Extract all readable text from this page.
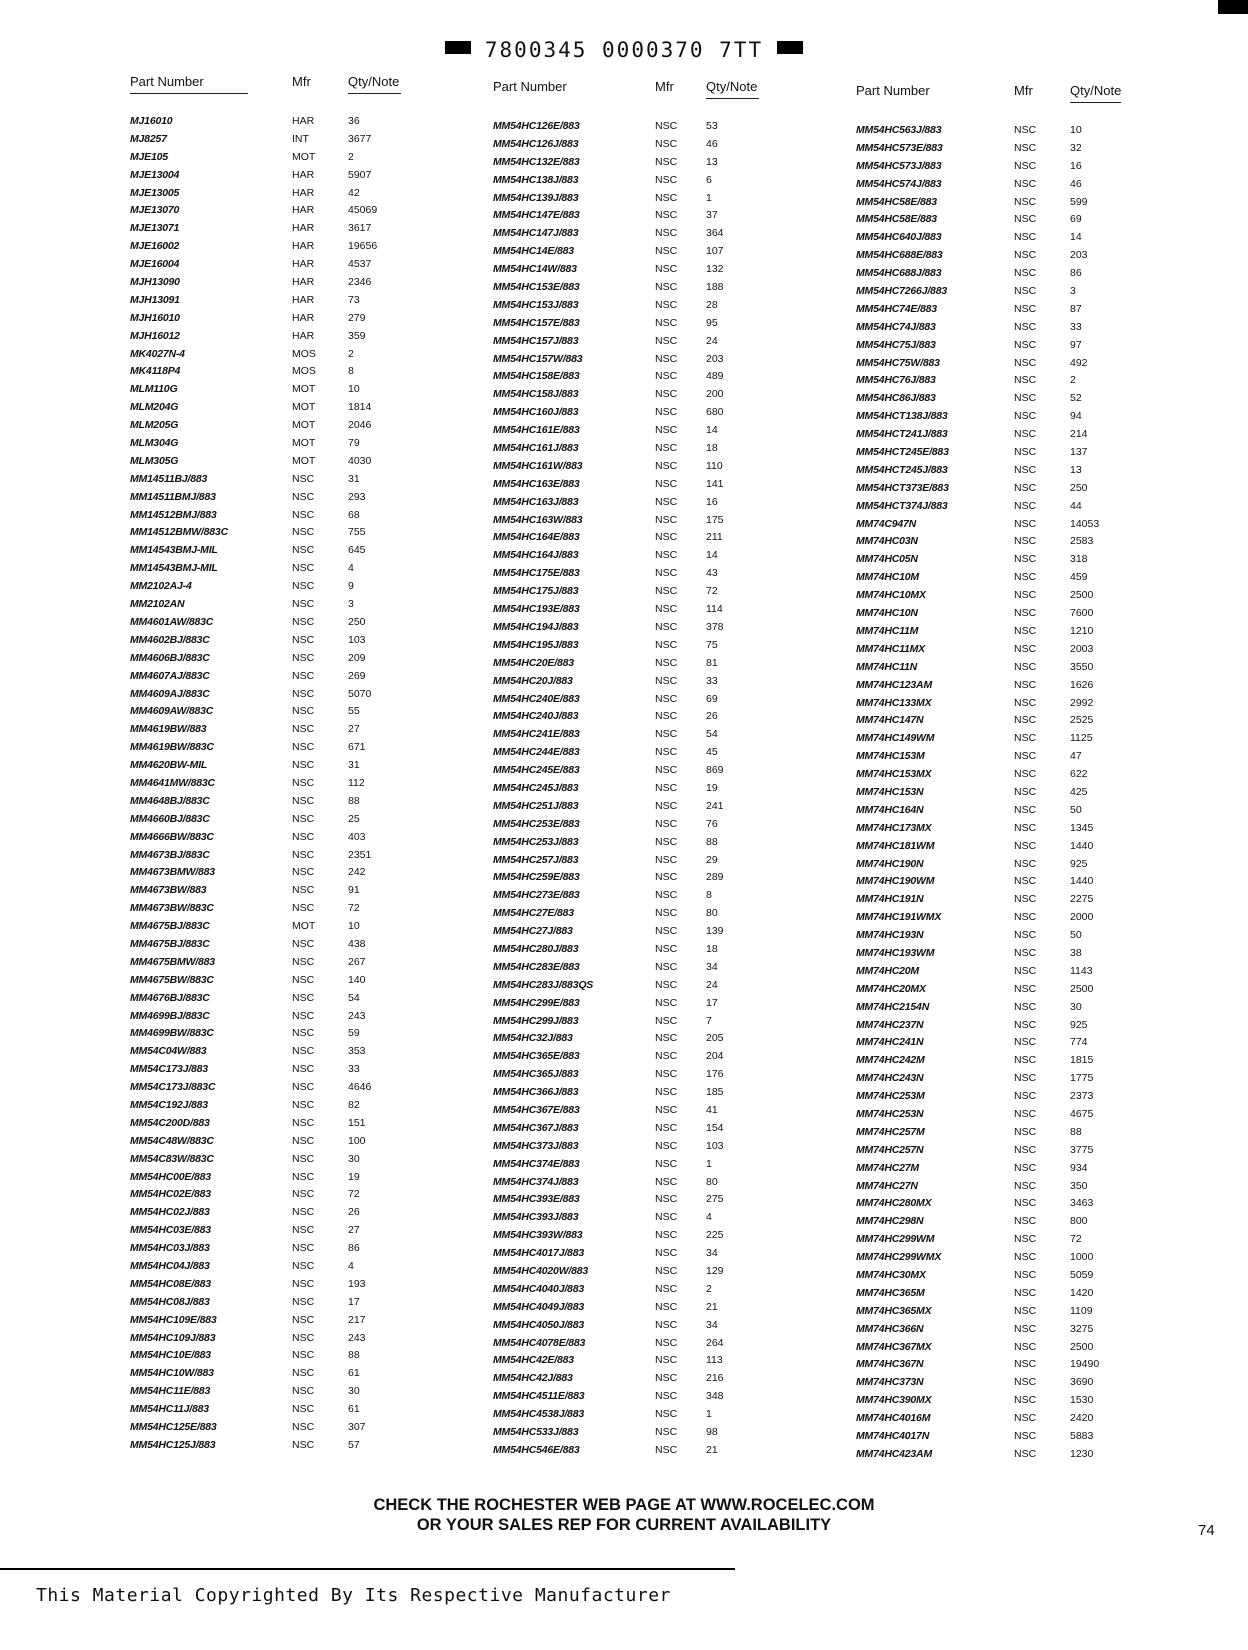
7800345 0000370 7TT
Part Number	Mfr	Qty/Note
MJ16010	HAR	36
MJ8257	INT	3677
MJE105	MOT	2
MJE13004	HAR	5907
MJE13005	HAR	42
MJE13070	HAR	45069
MJE13071	HAR	3617
MJE16002	HAR	19656
MJE16004	HAR	4537
MJH13090	HAR	2346
MJH13091	HAR	73
MJH16010	HAR	279
MJH16012	HAR	359
MK4027N-4	MOS	2
MK4118P4	MOS	8
MLM110G	MOT	10
MLM204G	MOT	1814
MLM205G	MOT	2046
MLM304G	MOT	79
MLM305G	MOT	4030
MM14511BJ/883	NSC	31
MM14511BMJ/883	NSC	293
MM14512BMJ/883	NSC	68
MM14512BMW/883C	NSC	755
MM14543BMJ-MIL	NSC	645
MM14543BMJ-MIL	NSC	4
MM2102AJ-4	NSC	9
MM2102AN	NSC	3
MM4601AW/883C	NSC	250
MM4602BJ/883C	NSC	103
MM4606BJ/883C	NSC	209
MM4607AJ/883C	NSC	269
MM4609AJ/883C	NSC	5070
MM4609AW/883C	NSC	55
MM4619BW/883	NSC	27
MM4619BW/883C	NSC	671
MM4620BW-MIL	NSC	31
MM4641MW/883C	NSC	112
MM4648BJ/883C	NSC	88
MM4660BJ/883C	NSC	25
MM4666BW/883C	NSC	403
MM4673BJ/883C	NSC	2351
MM4673BMW/883	NSC	242
MM4673BW/883	NSC	91
MM4673BW/883C	NSC	72
MM4675BJ/883C	MOT	10
MM4675BJ/883C	NSC	438
MM4675BMW/883	NSC	267
MM4675BW/883C	NSC	140
MM4676BJ/883C	NSC	54
MM4699BJ/883C	NSC	243
MM4699BW/883C	NSC	59
MM54C04W/883	NSC	353
MM54C173J/883	NSC	33
MM54C173J/883C	NSC	4646
MM54C192J/883	NSC	82
MM54C200D/883	NSC	151
MM54C48W/883C	NSC	100
MM54C83W/883C	NSC	30
MM54HC00E/883	NSC	19
MM54HC02E/883	NSC	72
MM54HC02J/883	NSC	26
MM54HC03E/883	NSC	27
MM54HC03J/883	NSC	86
MM54HC04J/883	NSC	4
MM54HC08E/883	NSC	193
MM54HC08J/883	NSC	17
MM54HC109E/883	NSC	217
MM54HC109J/883	NSC	243
MM54HC10E/883	NSC	88
MM54HC10W/883	NSC	61
MM54HC11E/883	NSC	30
MM54HC11J/883	NSC	61
MM54HC125E/883	NSC	307
MM54HC125J/883	NSC	57
Part Number	Mfr Qty/Note
MM54HC126E/883	NSC	53
MM54HC126J/883	NSC	46
MM54HC132E/883	NSC	13
MM54HC138J/883	NSC	6
MM54HC139J/883	NSC	1
MM54HC147E/883	NSC	37
MM54HC147J/883	NSC	364
MM54HC14E/883	NSC	107
MM54HC14W/883	NSC	132
MM54HC153E/883	NSC	188
MM54HC153J/883	NSC	28
MM54HC157E/883	NSC	95
MM54HC157J/883	NSC	24
MM54HC157W/883	NSC	203
MM54HC158E/883	NSC	489
MM54HC158J/883	NSC	200
MM54HC160J/883	NSC	680
MM54HC161E/883	NSC	14
MM54HC161J/883	NSC	18
MM54HC161W/883	NSC	110
MM54HC163E/883	NSC	141
MM54HC163J/883	NSC	16
MM54HC163W/883	NSC	175
MM54HC164E/883	NSC	211
MM54HC164J/883	NSC	14
MM54HC175E/883	NSC	43
MM54HC175J/883	NSC	72
MM54HC193E/883	NSC	114
MM54HC194J/883	NSC	378
MM54HC195J/883	NSC	75
MM54HC20E/883	NSC	81
MM54HC20J/883	NSC	33
MM54HC240E/883	NSC	69
MM54HC240J/883	NSC	26
MM54HC241E/883	NSC	54
MM54HC244E/883	NSC	45
MM54HC245E/883	NSC	869
MM54HC245J/883	NSC	19
MM54HC251J/883	NSC	241
MM54HC253E/883	NSC	76
MM54HC253J/883	NSC	88
MM54HC257J/883	NSC	29
MM54HC259E/883	NSC	289
MM54HC273E/883	NSC	8
MM54HC27E/883	NSC	80
MM54HC27J/883	NSC	139
MM54HC280J/883	NSC	18
MM54HC283E/883	NSC	34
MM54HC283J/883QS	NSC	24
MM54HC299E/883	NSC	17
MM54HC299J/883	NSC	7
MM54HC32J/883	NSC	205
MM54HC365E/883	NSC	204
MM54HC365J/883	NSC	176
MM54HC366J/883	NSC	185
MM54HC367E/883	NSC	41
MM54HC367J/883	NSC	154
MM54HC373J/883	NSC	103
MM54HC374E/883	NSC	1
MM54HC374J/883	NSC	80
MM54HC393E/883	NSC	275
MM54HC393J/883	NSC	4
MM54HC393W/883	NSC	225
MM54HC4017J/883	NSC	34
MM54HC4020W/883	NSC	129
MM54HC4040J/883	NSC	2
MM54HC4049J/883	NSC	21
MM54HC4050J/883	NSC	34
MM54HC4078E/883	NSC	264
MM54HC42E/883	NSC	113
MM54HC42J/883	NSC	216
MM54HC4511E/883	NSC	348
MM54HC4538J/883	NSC	1
MM54HC533J/883	NSC	98
MM54HC546E/883	NSC	21
Part Number	Mfr	Qty/Note
MM54HC563J/883	NSC	10
MM54HC573E/883	NSC	32
MM54HC573J/883	NSC	16
MM54HC574J/883	NSC	46
MM54HC58E/883	NSC	599
MM54HC58E/883	NSC	69
MM54HC640J/883	NSC	14
MM54HC688E/883	NSC	203
MM54HC688J/883	NSC	86
MM54HC7266J/883	NSC	3
MM54HC74E/883	NSC	87
MM54HC74J/883	NSC	33
MM54HC75J/883	NSC	97
MM54HC75W/883	NSC	492
MM54HC76J/883	NSC	2
MM54HC86J/883	NSC	52
MM54HCT138J/883	NSC	94
MM54HCT241J/883	NSC	214
MM54HCT245E/883	NSC	137
MM54HCT245J/883	NSC	13
MM54HCT373E/883	NSC	250
MM54HCT374J/883	NSC	44
MM74C947N	NSC	14053
MM74HC03N	NSC	2583
MM74HC05N	NSC	318
MM74HC10M	NSC	459
MM74HC10MX	NSC	2500
MM74HC10N	NSC	7600
MM74HC11M	NSC	1210
MM74HC11MX	NSC	2003
MM74HC11N	NSC	3550
MM74HC123AM	NSC	1626
MM74HC133MX	NSC	2992
MM74HC147N	NSC	2525
MM74HC149WM	NSC	1125
MM74HC153M	NSC	47
MM74HC153MX	NSC	622
MM74HC153N	NSC	425
MM74HC164N	NSC	50
MM74HC173MX	NSC	1345
MM74HC181WM	NSC	1440
MM74HC190N	NSC	925
MM74HC190WM	NSC	1440
MM74HC191N	NSC	2275
MM74HC191WMX	NSC	2000
MM74HC193N	NSC	50
MM74HC193WM	NSC	38
MM74HC20M	NSC	1143
MM74HC20MX	NSC	2500
MM74HC2154N	NSC	30
MM74HC237N	NSC	925
MM74HC241N	NSC	774
MM74HC242M	NSC	1815
MM74HC243N	NSC	1775
MM74HC253M	NSC	2373
MM74HC253N	NSC	4675
MM74HC257M	NSC	88
MM74HC257N	NSC	3775
MM74HC27M	NSC	934
MM74HC27N	NSC	350
MM74HC280MX	NSC	3463
MM74HC298N	NSC	800
MM74HC299WM	NSC	72
MM74HC299WMX	NSC	1000
MM74HC30MX	NSC	5059
MM74HC365M	NSC	1420
MM74HC365MX	NSC	1109
MM74HC366N	NSC	3275
MM74HC367MX	NSC	2500
MM74HC367N	NSC	19490
MM74HC373N	NSC	3690
MM74HC390MX	NSC	1530
MM74HC4016M	NSC	2420
MM74HC4017N	NSC	5883
MM74HC423AM	NSC	1230
CHECK THE ROCHESTER WEB PAGE AT WWW.ROCELEC.COM
OR YOUR SALES REP FOR CURRENT AVAILABILITY	74
This Material Copyrighted By Its Respective Manufacturer
